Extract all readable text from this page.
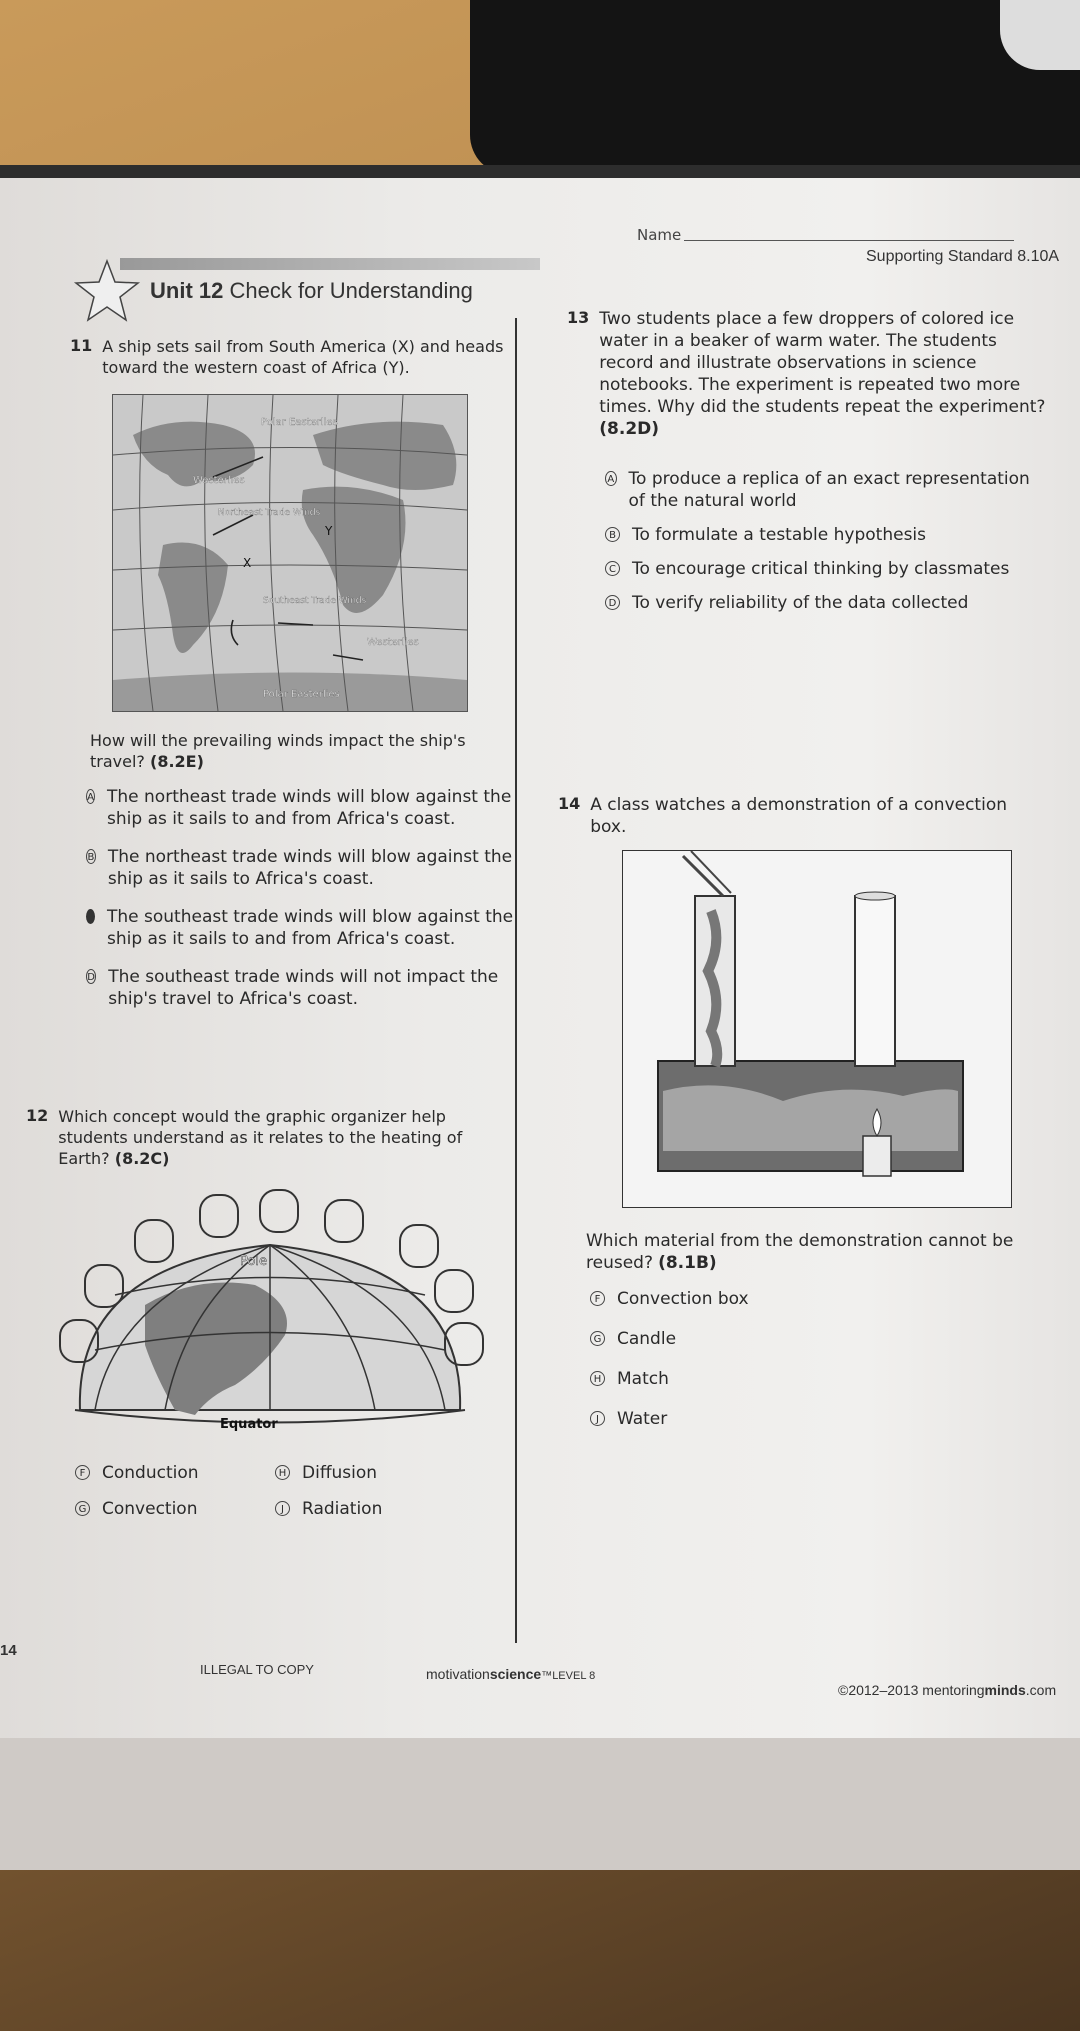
Name
Supporting Standard 8.10A
Unit 12 Check for Understanding
11 A ship sets sail from South America (X) and heads toward the western coast of Africa (Y).
Polar Easterlies
Westerlies
Northeast Trade Winds
Y
X
Southeast Trade Winds
Westerlies
Polar Easterlies
How will the prevailing winds impact the ship's travel? (8.2E)
A The northeast trade winds will blow against the ship as it sails to and from Africa's coast.
B The northeast trade winds will blow against the ship as it sails to Africa's coast.
The southeast trade winds will blow against the ship as it sails to and from Africa's coast.
D The southeast trade winds will not impact the ship's travel to Africa's coast.
12 Which concept would the graphic organizer help students understand as it relates to the heating of Earth? (8.2C)
Pole
Equator
F Conduction	H Diffusion
G Convection	J	Radiation
13 Two students place a few droppers of colored ice water in a beaker of warm water. The students record and illustrate observations in science notebooks. The experiment is repeated two more times. Why did the students repeat the experiment? (8.2D)
A To produce a replica of an exact representation of the natural world
B To formulate a testable hypothesis
C To encourage critical thinking by classmates
D To verify reliability of the data collected
14 A class watches a demonstration of a convection box.
Which material from the demonstration cannot be reused? (8.1B)
F Convection box
G Candle
H Match
J	Water
14
ILLEGAL TO COPY	motivationscience™LEVEL 8
©2012–2013 mentoringminds.com
